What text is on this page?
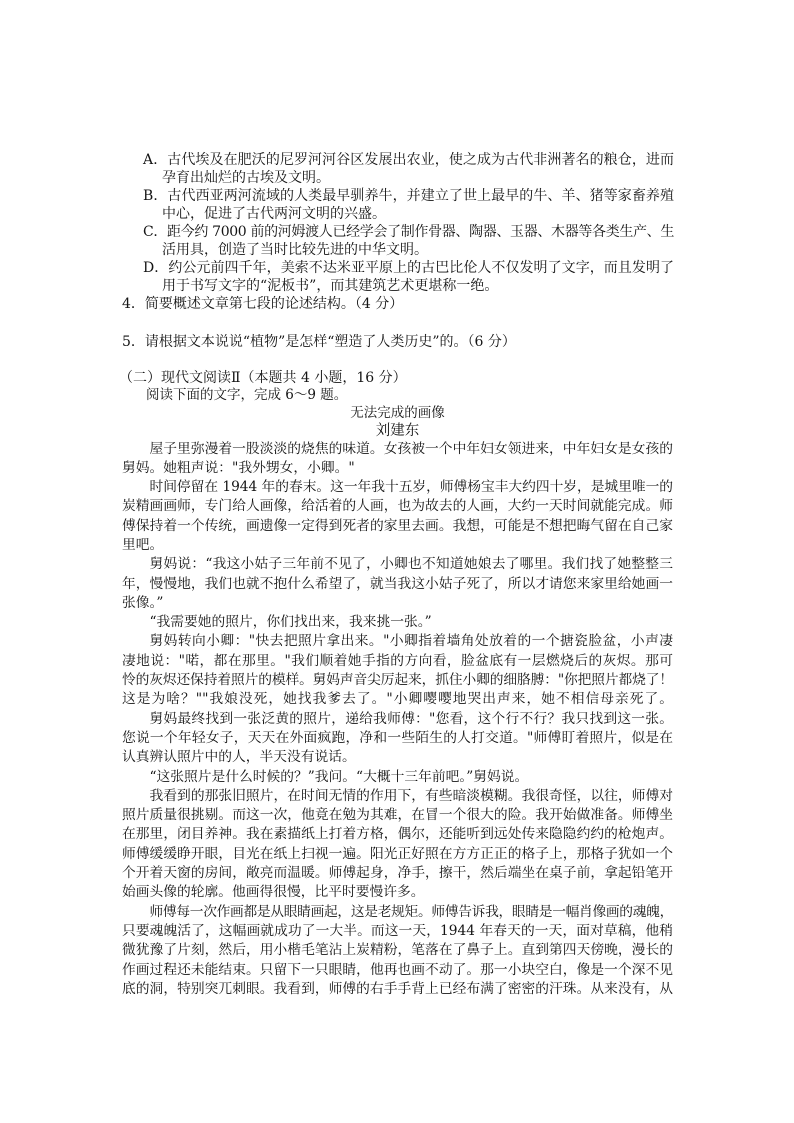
A．古代埃及在肥沃的尼罗河河谷区发展出农业，使之成为古代非洲著名的粮仓，进而
孕育出灿烂的古埃及文明。
B．古代西亚两河流域的人类最早驯养牛，并建立了世上最早的牛、羊、猪等家畜养殖
中心，促进了古代两河文明的兴盛。
C．距今约 7000 前的河姆渡人已经学会了制作骨器、陶器、玉器、木器等各类生产、生
活用具，创造了当时比较先进的中华文明。
D．约公元前四千年，美索不达米亚平原上的古巴比伦人不仅发明了文字，而且发明了
用于书写文字的“泥板书”，而其建筑艺术更堪称一绝。
4．简要概述文章第七段的论述结构。（4 分）
5．请根据文本说说“植物”是怎样“塑造了人类历史”的。（6 分）
（二）现代文阅读Ⅱ（本题共 4 小题，16 分）
阅读下面的文字，完成 6～9 题。
无法完成的画像
刘建东
屋子里弥漫着一股淡淡的烧焦的味道。女孩被一个中年妇女领进来，中年妇女是女孩的
舅妈。她粗声说："我外甥女，小卿。"
时间停留在 1944 年的春末。这一年我十五岁，师傅杨宝丰大约四十岁，是城里唯一的
炭精画画师，专门给人画像，给活着的人画，也为故去的人画，大约一天时间就能完成。师
傅保持着一个传统，画遗像一定得到死者的家里去画。我想，可能是不想把晦气留在自己家
里吧。
舅妈说：“我这小姑子三年前不见了，小卿也不知道她娘去了哪里。我们找了她整整三
年，慢慢地，我们也就不抱什么希望了，就当我这小姑子死了，所以才请您来家里给她画一
张像。”
“我需要她的照片，你们找出来，我来挑一张。”
舅妈转向小卿："快去把照片拿出来。"小卿指着墙角处放着的一个搪瓷脸盆，小声凄
凄地说："喏，都在那里。"我们顺着她手指的方向看，脸盆底有一层燃烧后的灰烬。那可
怜的灰烬还保持着照片的模样。舅妈声音尖厉起来，抓住小卿的细胳膊："你把照片都烧了！
这是为啥？""我娘没死，她找我爹去了。"小卿嘤嘤地哭出声来，她不相信母亲死了。
舅妈最终找到一张泛黄的照片，递给我师傅："您看，这个行不行？我只找到这一张。
您说一个年轻女子，天天在外面疯跑，净和一些陌生的人打交道。"师傅盯着照片，似是在
认真辨认照片中的人，半天没有说话。
“这张照片是什么时候的？”我问。“大概十三年前吧。”舅妈说。
我看到的那张旧照片，在时间无情的作用下，有些暗淡模糊。我很奇怪，以往，师傅对
照片质量很挑剔。而这一次，他竟在勉为其难，在冒一个很大的险。我开始做准备。师傅坐
在那里，闭目养神。我在素描纸上打着方格，偶尔，还能听到远处传来隐隐约约的枪炮声。
师傅缓缓睁开眼，目光在纸上扫视一遍。阳光正好照在方方正正的格子上，那格子犹如一个
个开着天窗的房间，敞亮而温暖。师傅起身，净手，擦干，然后端坐在桌子前，拿起铅笔开
始画头像的轮廓。他画得很慢，比平时要慢许多。
师傅每一次作画都是从眼睛画起，这是老规矩。师傅告诉我，眼睛是一幅肖像画的魂魄，
只要魂魄活了，这幅画就成功了一大半。而这一天，1944 年春天的一天，面对草稿，他稍
微犹豫了片刻，然后，用小楷毛笔沾上炭精粉，笔落在了鼻子上。直到第四天傍晚，漫长的
作画过程还未能结束。只留下一只眼睛，他再也画不动了。那一小块空白，像是一个深不见
底的洞，特别突兀刺眼。我看到，师傅的右手手背上已经布满了密密的汗珠。从来没有，从
